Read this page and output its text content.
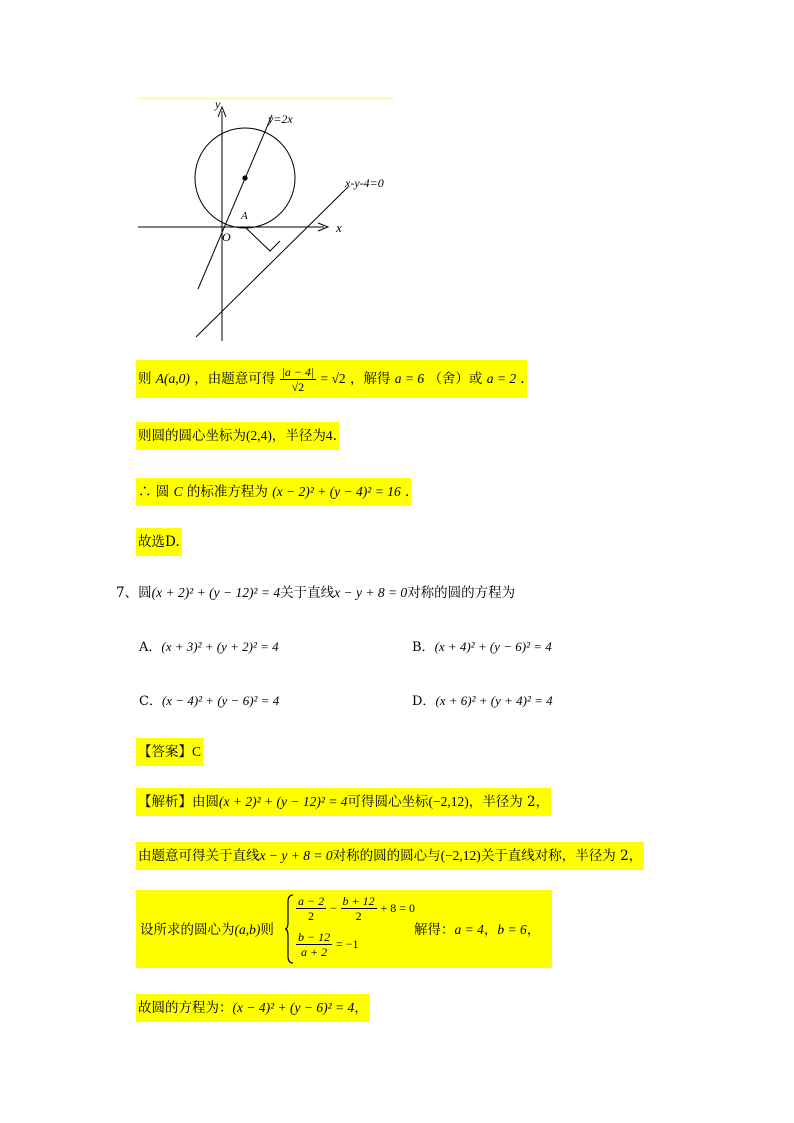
y
x
y=2x
x-y-4=0
A
O
则 A(a,0) ，由题意可得 $\frac{|a - 4|}{√2} = √2$ ，解得 a = 6 （舍）或 a = 2 .
则圆的圆心坐标为(2,4)，半径为4.
∴ 圆 C 的标准方程为 (x − 2)² + (y − 4)² = 16 .
故选D.
7、圆(x + 2)² + (y − 12)² = 4关于直线x − y + 8 = 0对称的圆的方程为
A．(x + 3)² + (y + 2)² = 4	B．(x + 4)² + (y − 6)² = 4
C．(x − 4)² + (y − 6)² = 4	D．(x + 6)² + (y + 4)² = 4
【答案】C
【解析】由圆(x + 2)² + (y − 12)² = 4可得圆心坐标(−2,12)，半径为 2，
由题意可得关于直线x − y + 8 = 0对称的圆的圆心与(−2,12)关于直线对称，半径为 2，
设所求的圆心为(a,b)则
$\frac{a - 2}{2} - \frac{b + 12}{2} + 8 = 0$
$\frac{b - 12}{a + 2} = -1$
解得：a = 4，b = 6，
故圆的方程为：(x − 4)² + (y − 6)² = 4，
